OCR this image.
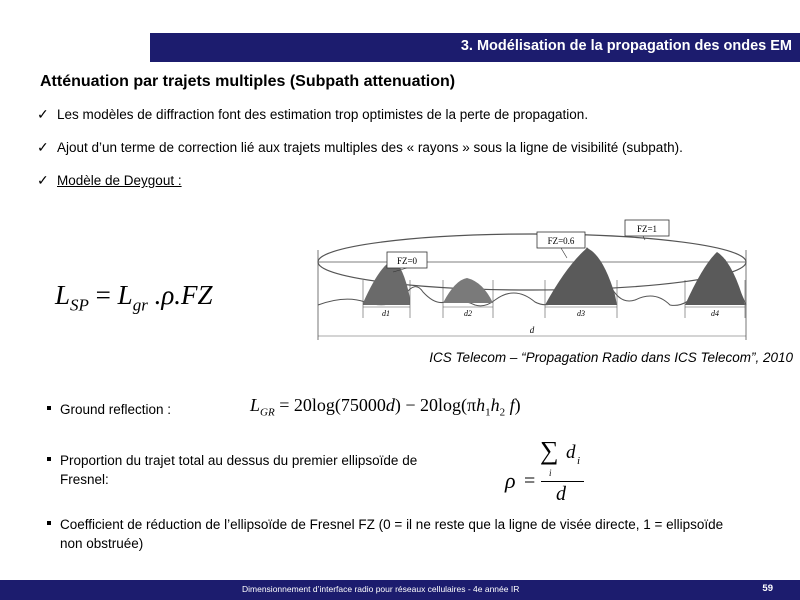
3. Modélisation de la propagation des ondes EM
Atténuation par trajets multiples (Subpath attenuation)
✓ Les modèles de diffraction font des estimation trop optimistes de la perte de propagation.
✓ Ajout d’un terme de correction lié aux trajets multiples des « rayons » sous la ligne de visibilité (subpath).
✓ Modèle de Deygout :
$L_{SP} = L_{gr}$ .ρ.FZ
FZ=1
FZ=0.6
FZ=0
d1	d2	d3	d4
d
ICS Telecom – “Propagation Radio dans ICS Telecom”, 2010
Ground reflection :	$L_{GR} = 20\log(75000d) - 20\log(\pi h_1h_2$ f)
Proportion du trajet total au dessus du premier ellipsoïde de Fresnel:	ρ =
∑
i
d i
d
Coefficient de réduction de l’ellipsoïde de Fresnel FZ (0 = il ne reste que la ligne de visée directe, 1 = ellipsoïde non obstruée)
Dimensionnement d’interface radio pour réseaux cellulaires - 4e année IR	59
